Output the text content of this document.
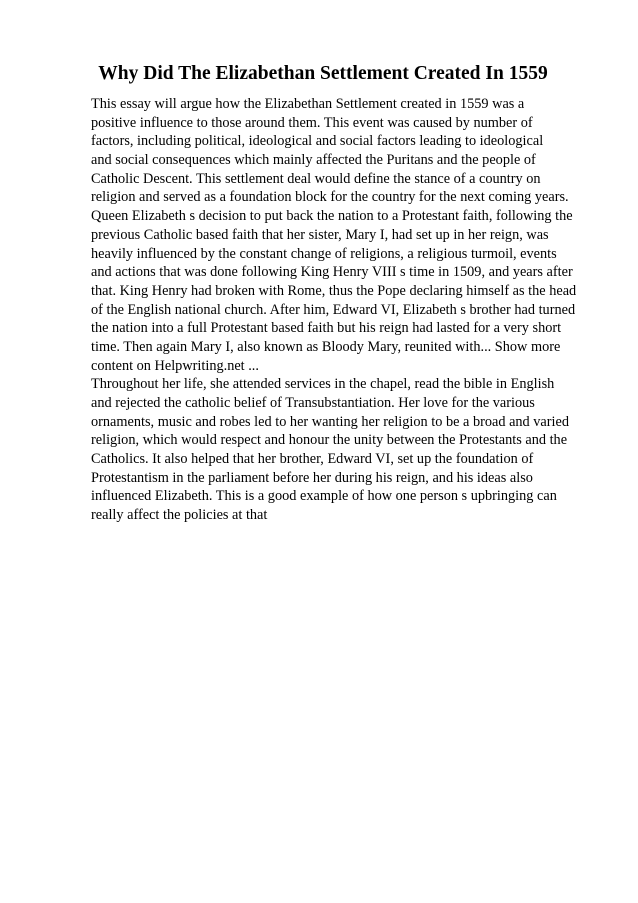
Why Did The Elizabethan Settlement Created In 1559
This essay will argue how the Elizabethan Settlement created in 1559 was a
positive influence to those around them. This event was caused by number of
factors, including political, ideological and social factors leading to ideological
and social consequences which mainly affected the Puritans and the people of
Catholic Descent. This settlement deal would define the stance of a country on
religion and served as a foundation block for the country for the next coming years.
Queen Elizabeth s decision to put back the nation to a Protestant faith, following the
previous Catholic based faith that her sister, Mary I, had set up in her reign, was
heavily influenced by the constant change of religions, a religious turmoil, events
and actions that was done following King Henry VIII s time in 1509, and years after
that. King Henry had broken with Rome, thus the Pope declaring himself as the head
of the English national church. After him, Edward VI, Elizabeth s brother had turned
the nation into a full Protestant based faith but his reign had lasted for a very short
time. Then again Mary I, also known as Bloody Mary, reunited with... Show more
content on Helpwriting.net ...
Throughout her life, she attended services in the chapel, read the bible in English
and rejected the catholic belief of Transubstantiation. Her love for the various
ornaments, music and robes led to her wanting her religion to be a broad and varied
religion, which would respect and honour the unity between the Protestants and the
Catholics. It also helped that her brother, Edward VI, set up the foundation of
Protestantism in the parliament before her during his reign, and his ideas also
influenced Elizabeth. This is a good example of how one person s upbringing can
really affect the policies at that
